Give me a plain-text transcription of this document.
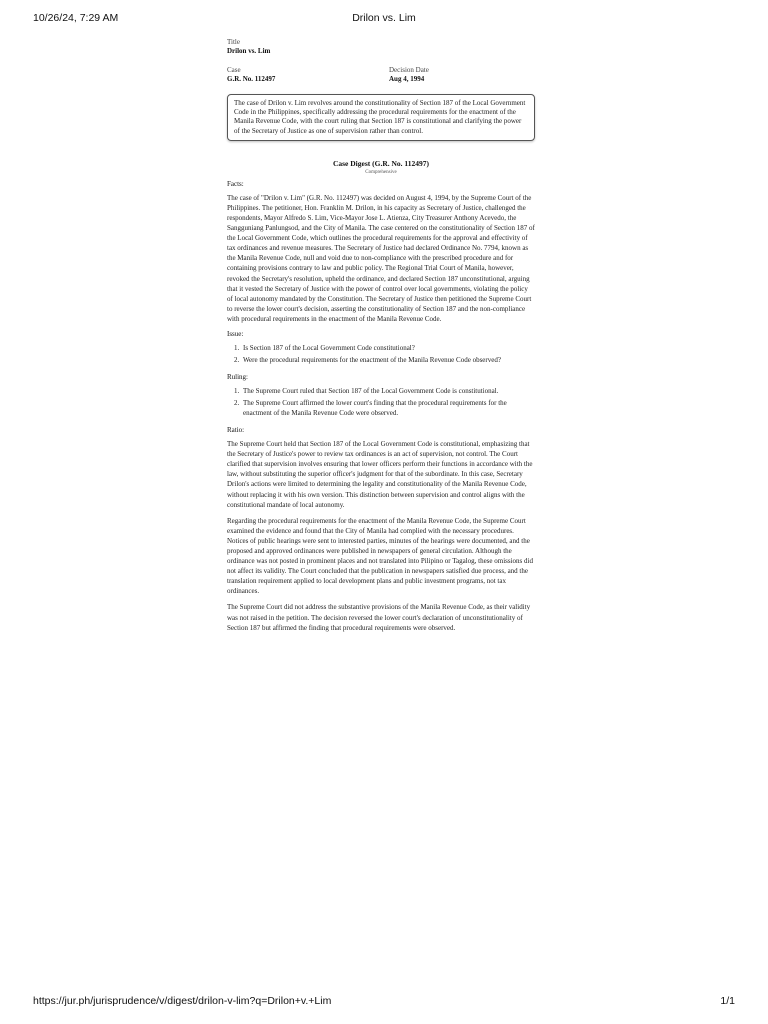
10/26/24, 7:29 AM	Drilon vs. Lim
Title
Drilon vs. Lim
Case
G.R. No. 112497
Decision Date
Aug 4, 1994
The case of Drilon v. Lim revolves around the constitutionality of Section 187 of the Local Government Code in the Philippines, specifically addressing the procedural requirements for the enactment of the Manila Revenue Code, with the court ruling that Section 187 is constitutional and clarifying the power of the Secretary of Justice as one of supervision rather than control.
Case Digest (G.R. No. 112497)
Comprehensive
Facts:

The case of "Drilon v. Lim" (G.R. No. 112497) was decided on August 4, 1994, by the Supreme Court of the Philippines. The petitioner, Hon. Franklin M. Drilon, in his capacity as Secretary of Justice, challenged the respondents, Mayor Alfredo S. Lim, Vice-Mayor Jose L. Atienza, City Treasurer Anthony Acevedo, the Sangguniang Panlungsod, and the City of Manila. The case centered on the constitutionality of Section 187 of the Local Government Code, which outlines the procedural requirements for the approval and effectivity of tax ordinances and revenue measures. The Secretary of Justice had declared Ordinance No. 7794, known as the Manila Revenue Code, null and void due to non-compliance with the prescribed procedure and for containing provisions contrary to law and public policy. The Regional Trial Court of Manila, however, revoked the Secretary's resolution, upheld the ordinance, and declared Section 187 unconstitutional, arguing that it vested the Secretary of Justice with the power of control over local governments, violating the policy of local autonomy mandated by the Constitution. The Secretary of Justice then petitioned the Supreme Court to reverse the lower court's decision, asserting the constitutionality of Section 187 and the non-compliance with procedural requirements in the enactment of the Manila Revenue Code.

Issue:
1. Is Section 187 of the Local Government Code constitutional?
2. Were the procedural requirements for the enactment of the Manila Revenue Code observed?
Ruling:
1. The Supreme Court ruled that Section 187 of the Local Government Code is constitutional.
2. The Supreme Court affirmed the lower court's finding that the procedural requirements for the enactment of the Manila Revenue Code were observed.
Ratio:

The Supreme Court held that Section 187 of the Local Government Code is constitutional, emphasizing that the Secretary of Justice's power to review tax ordinances is an act of supervision, not control. The Court clarified that supervision involves ensuring that lower officers perform their functions in accordance with the law, without substituting the superior officer's judgment for that of the subordinate. In this case, Secretary Drilon's actions were limited to determining the legality and constitutionality of the Manila Revenue Code, without replacing it with his own version. This distinction between supervision and control aligns with the constitutional mandate of local autonomy.

Regarding the procedural requirements for the enactment of the Manila Revenue Code, the Supreme Court examined the evidence and found that the City of Manila had complied with the necessary procedures. Notices of public hearings were sent to interested parties, minutes of the hearings were documented, and the proposed and approved ordinances were published in newspapers of general circulation. Although the ordinance was not posted in prominent places and not translated into Pilipino or Tagalog, these omissions did not affect its validity. The Court concluded that the publication in newspapers satisfied due process, and the translation requirement applied to local development plans and public investment programs, not tax ordinances.

The Supreme Court did not address the substantive provisions of the Manila Revenue Code, as their validity was not raised in the petition. The decision reversed the lower court's declaration of unconstitutionality of Section 187 but affirmed the finding that procedural requirements were observed.

https://jur.ph/jurisprudence/v/digest/drilon-v-lim?q=Drilon+v.+Lim	1/1
